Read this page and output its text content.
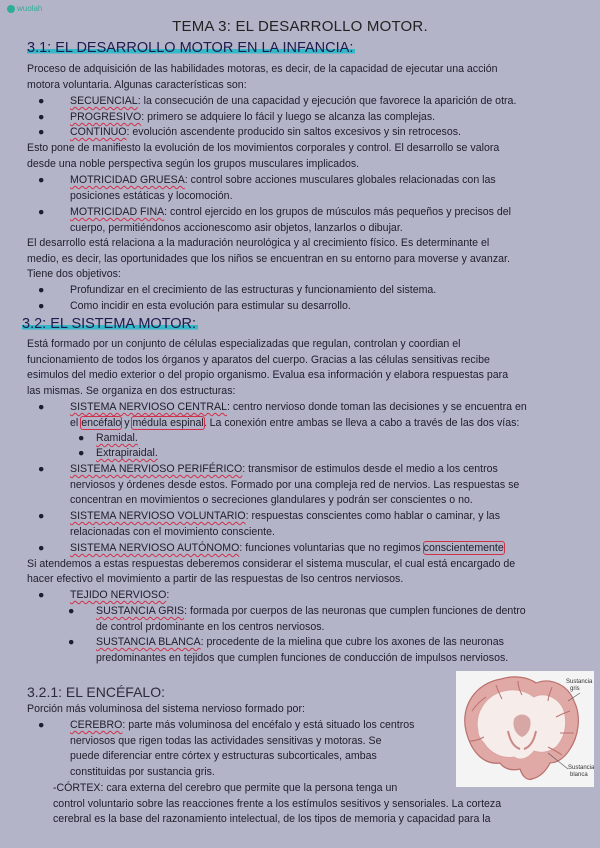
wuolah
TEMA 3: EL DESARROLLO MOTOR.
3.1: EL DESARROLLO MOTOR EN LA INFANCIA:
Proceso de adquisición de las habilidades motoras, es decir, de la capacidad de ejecutar una acción
motora voluntaria. Algunas características son:
● SECUENCIAL: la consecución de una capacidad y ejecución que favorece la aparición de otra.
● PROGRESIVO: primero se adquiere lo fácil y luego se alcanza las complejas.
● CONTINUO: evolución ascendente producido sin saltos excesivos y sin retrocesos.
Esto pone de manifiesto la evolución de los movimientos corporales y control. El desarrollo se valora
desde una noble perspectiva según los grupos musculares implicados.
● MOTRICIDAD GRUESA: control sobre acciones musculares globales relacionadas con las
posiciones estáticas y locomoción.
● MOTRICIDAD FINA: control ejercido en los grupos de músculos más pequeños y precisos del
cuerpo, permitiéndonos accionescomo asir objetos, lanzarlos o dibujar.
El desarrollo está relaciona a la maduración neurológica y al crecimiento físico. Es determinante el
medio, es decir, las oportunidades que los niños se encuentran en su entorno para moverse y avanzar.
Tiene dos objetivos:
● Profundizar en el crecimiento de las estructuras y funcionamiento del sistema.
● Como incidir en esta evolución para estimular su desarrollo.
3.2: EL SISTEMA MOTOR:
Está formado por un conjunto de células especializadas que regulan, controlan y coordian el
funcionamiento de todos los órganos y aparatos del cuerpo. Gracias a las células sensitivas recibe
esimulos del medio exterior o del propio organismo. Evalua esa información y elabora respuestas para
las mismas. Se organiza en dos estructuras:
● SISTEMA NERVIOSO CENTRAL: centro nervioso donde toman las decisiones y se encuentra en
el encéfalo y médula espinal. La conexión entre ambas se lleva a cabo a través de las dos vías:
● Ramidal.
● Extrapiraidal.
● SISTEMA NERVIOSO PERIFÉRICO: transmisor de estimulos desde el medio a los centros
nerviosos y órdenes desde estos. Formado por una compleja red de nervios. Las respuestas se
concentran en movimientos o secreciones glandulares y podrán ser conscientes o no.
● SISTEMA NERVIOSO VOLUNTARIO: respuestas conscientes como hablar o caminar, y las
relacionadas con el movimiento consciente.
● SISTEMA NERVIOSO AUTÓNOMO: funciones voluntarias que no regimos conscientemente
Si atendemos a estas respuestas deberemos considerar el sistema muscular, el cual está encargado de
hacer efectivo el movimiento a partir de las respuestas de lso centros nerviosos.
● TEJIDO NERVIOSO:
● SUSTANCIA GRIS: formada por cuerpos de las neuronas que cumplen funciones de dentro
de control prdominante en los centros nerviosos.
● SUSTANCIA BLANCA: procedente de la mielina que cubre los axones de las neuronas
predominantes en tejidos que cumplen funciones de conducción de impulsos nerviosos.
3.2.1: EL ENCÉFALO:
Porción más voluminosa del sistema nervioso formado por:
● CEREBRO: parte más voluminosa del encéfalo y está situado los centros
nerviosos que rigen todas las actividades sensitivas y motoras. Se
puede diferenciar entre córtex y estructuras subcorticales, ambas
constituidas por sustancia gris.
-CÓRTEX: cara externa del cerebro que permite que la persona tenga un
control voluntario sobre las reacciones frente a los estímulos sesitivos y sensoriales. La corteza
cerebral es la base del razonamiento intelectual, de los tipos de memoria y capacidad para la
Sustancia
gris
Sustancia
blanca
